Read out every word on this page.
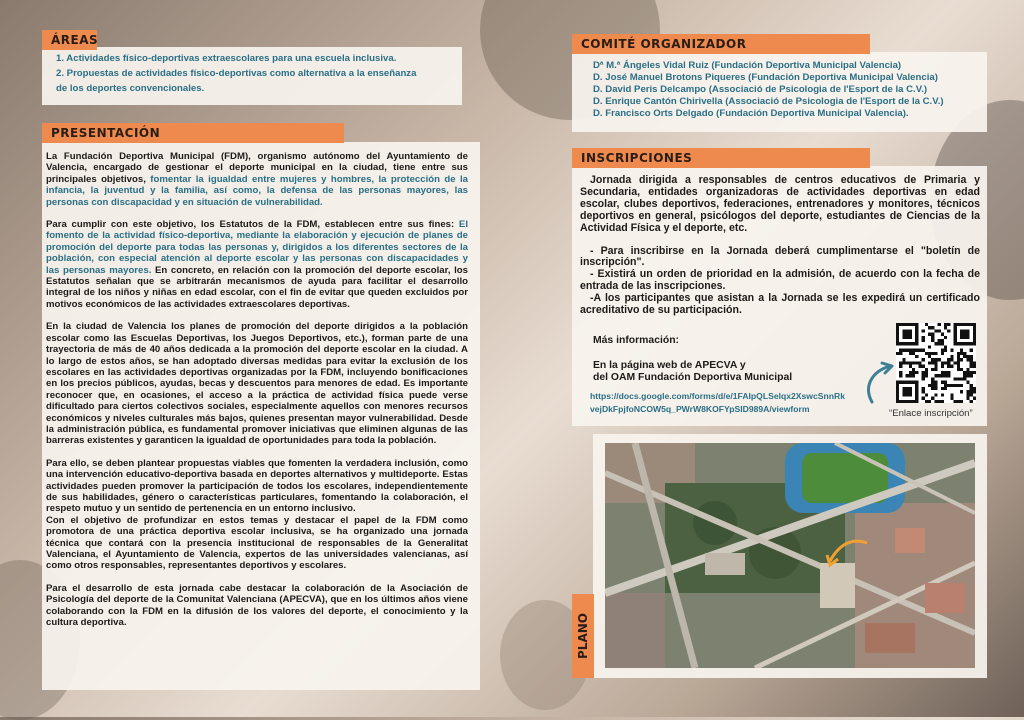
ÁREAS
1. Actividades físico-deportivas extraescolares para una escuela inclusiva.
2. Propuestas de actividades físico-deportivas como alternativa a la enseñanza
de los deportes convencionales.
PRESENTACIÓN

La Fundación Deportiva Municipal (FDM), organismo autónomo del Ayuntamiento de Valencia, encargado de gestionar el deporte municipal en la ciudad, tiene entre sus principales objetivos, fomentar la igualdad entre mujeres y hombres, la protección de la infancia, la juventud y la familia, así como, la defensa de las personas mayores, las personas con discapacidad y en situación de vulnerabilidad.

Para cumplir con este objetivo, los Estatutos de la FDM, establecen entre sus fines: El fomento de la actividad físico-deportiva, mediante la elaboración y ejecución de planes de promoción del deporte para todas las personas y, dirigidos a los diferentes sectores de la población, con especial atención al deporte escolar y las personas con discapacidades y las personas mayores. En concreto, en relación con la promoción del deporte escolar, los Estatutos señalan que se arbitrarán mecanismos de ayuda para facilitar el desarrollo integral de los niños y niñas en edad escolar, con el fin de evitar que queden excluidos por motivos económicos de las actividades extraescolares deportivas.

En la ciudad de Valencia los planes de promoción del deporte dirigidos a la población escolar como las Escuelas Deportivas, los Juegos Deportivos, etc.), forman parte de una trayectoria de más de 40 años dedicada a la promoción del deporte escolar en la ciudad. A lo largo de estos años, se han adoptado diversas medidas para evitar la exclusión de los escolares en las actividades deportivas organizadas por la FDM, incluyendo bonificaciones en los precios públicos, ayudas, becas y descuentos para menores de edad. Es importante reconocer que, en ocasiones, el acceso a la práctica de actividad física puede verse dificultado para ciertos colectivos sociales, especialmente aquellos con menores recursos económicos y niveles culturales más bajos, quienes presentan mayor vulnerabilidad. Desde la administración pública, es fundamental promover iniciativas que eliminen algunas de las barreras existentes y garanticen la igualdad de oportunidades para toda la población.

Para ello, se deben plantear propuestas viables que fomenten la verdadera inclusión, como una intervención educativo-deportiva basada en deportes alternativos y multideporte. Estas actividades pueden promover la participación de todos los escolares, independientemente de sus habilidades, género o características particulares, fomentando la colaboración, el respeto mutuo y un sentido de pertenencia en un entorno inclusivo.

Con el objetivo de profundizar en estos temas y destacar el papel de la FDM como promotora de una práctica deportiva escolar inclusiva, se ha organizado una jornada técnica que contará con la presencia institucional de responsables de la Generalitat Valenciana, el Ayuntamiento de Valencia, expertos de las universidades valencianas, así como otros responsables, representantes deportivos y escolares.

Para el desarrollo de esta jornada cabe destacar la colaboración de la Asociación de Psicología del deporte de la Comunitat Valenciana (APECVA), que en los últimos años viene colaborando con la FDM en la difusión de los valores del deporte, el conocimiento y la cultura deportiva.

COMITÉ ORGANIZADOR
Dª M.ª Ángeles Vidal Ruiz (Fundación Deportiva Municipal Valencia)
D. José Manuel Brotons Piqueres (Fundación Deportiva Municipal Valencia)
D. David Peris Delcampo (Associació de Psicologia de l'Esport de la C.V.)
D. Enrique Cantón Chirivella (Associació de Psicologia de l'Esport de la C.V.)
D. Francisco Orts Delgado (Fundación Deportiva Municipal Valencia).
INSCRIPCIONES

Jornada dirigida a responsables de centros educativos de Primaria y Secundaria, entidades organizadoras de actividades deportivas en edad escolar, clubes deportivos, federaciones, entrenadores y monitores, técnicos deportivos en general, psicólogos del deporte, estudiantes de Ciencias de la Actividad Física y el deporte, etc.

- Para inscribirse en la Jornada deberá cumplimentarse el "boletín de inscripción".

- Existirá un orden de prioridad en la admisión, de acuerdo con la fecha de entrada de las inscripciones.

-A los participantes que asistan a la Jornada se les expedirá un certificado acreditativo de su participación.

Más información:
En la página web de APECVA y
del OAM Fundación Deportiva Municipal
https://docs.google.com/forms/d/e/1FAIpQLSelqx2XswcSnnRk
vejDkFpjfoNCOW5q_PWrW8KOFYpSID989A/viewform	“Enlace inscripción”
PLANO
